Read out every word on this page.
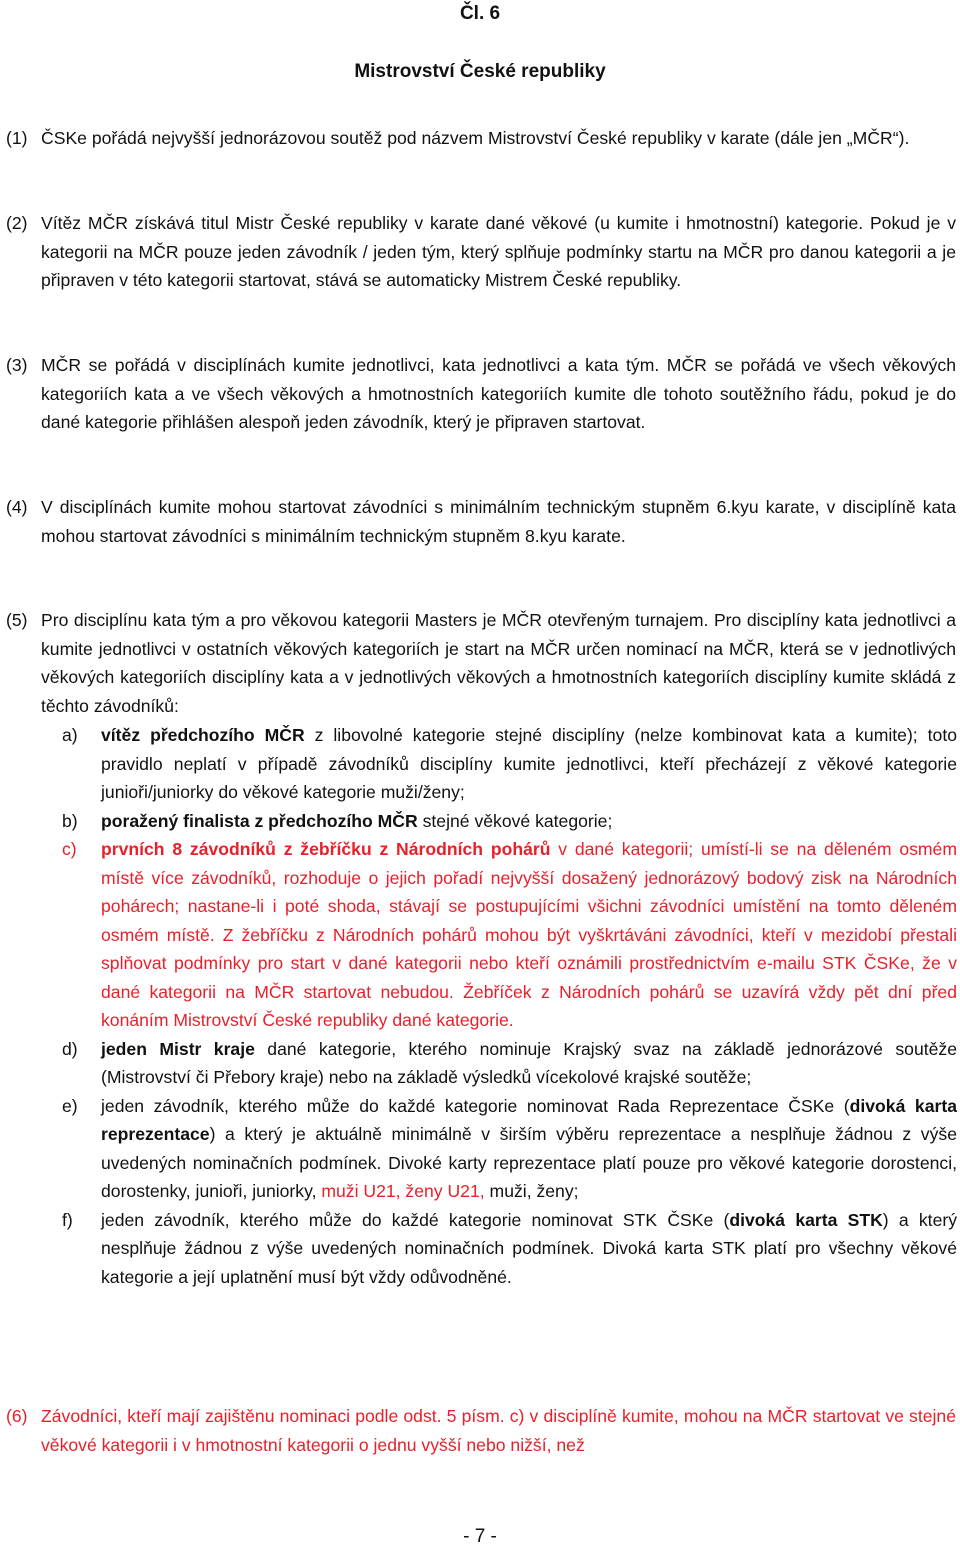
Čl. 6
Mistrovství České republiky
(1) ČSKe pořádá nejvyšší jednorázovou soutěž pod názvem Mistrovství České republiky v karate (dále jen „MČR“).
(2) Vítěz MČR získává titul Mistr České republiky v karate dané věkové (u kumite i hmotnostní) kategorie. Pokud je v kategorii na MČR pouze jeden závodník / jeden tým, který splňuje podmínky startu na MČR pro danou kategorii a je připraven v této kategorii startovat, stává se automaticky Mistrem České republiky.
(3) MČR se pořádá v disciplínách kumite jednotlivci, kata jednotlivci a kata tým. MČR se pořádá ve všech věkových kategoriích kata a ve všech věkových a hmotnostních kategoriích kumite dle tohoto soutěžního řádu, pokud je do dané kategorie přihlášen alespoň jeden závodník, který je připraven startovat.
(4) V disciplínách kumite mohou startovat závodníci s minimálním technickým stupněm 6.kyu karate, v disciplíně kata mohou startovat závodníci s minimálním technickým stupněm 8.kyu karate.
(5) Pro disciplínu kata tým a pro věkovou kategorii Masters je MČR otevřeným turnajem. Pro disciplíny kata jednotlivci a kumite jednotlivci v ostatních věkových kategoriích je start na MČR určen nominací na MČR, která se v jednotlivých věkových kategoriích disciplíny kata a v jednotlivých věkových a hmotnostních kategoriích disciplíny kumite skládá z těchto závodníků:
a) vítěz předchozího MČR z libovolné kategorie stejné disciplíny (nelze kombinovat kata a kumite); toto pravidlo neplatí v případě závodníků disciplíny kumite jednotlivci, kteří přecházejí z věkové kategorie junioři/juniorky do věkové kategorie muži/ženy;
b) poražený finalista z předchozího MČR stejné věkové kategorie;
c) prvních 8 závodníků z žebříčku z Národních pohárů v dané kategorii; umístí-li se na děleném osmém místě více závodníků, rozhoduje o jejich pořadí nejvyšší dosažený jednorázový bodový zisk na Národních pohárech; nastane-li i poté shoda, stávají se postupujícími všichni závodníci umístění na tomto děleném osmém místě. Z žebříčku z Národních pohárů mohou být vyškrtáváni závodníci, kteří v mezidobí přestali splňovat podmínky pro start v dané kategorii nebo kteří oznámili prostřednictvím e-mailu STK ČSKe, že v dané kategorii na MČR startovat nebudou. Žebříček z Národních pohárů se uzavírá vždy pět dní před konáním Mistrovství České republiky dané kategorie.
d) jeden Mistr kraje dané kategorie, kterého nominuje Krajský svaz na základě jednorázové soutěže (Mistrovství či Přebory kraje) nebo na základě výsledků vícekolové krajské soutěže;
e) jeden závodník, kterého může do každé kategorie nominovat Rada Reprezentace ČSKe (divoká karta reprezentace) a který je aktuálně minimálně v širším výběru reprezentace a nesplňuje žádnou z výše uvedených nominačních podmínek. Divoké karty reprezentace platí pouze pro věkové kategorie dorostenci, dorostenky, junioři, juniorky, muži U21, ženy U21, muži, ženy;
f) jeden závodník, kterého může do každé kategorie nominovat STK ČSKe (divoká karta STK) a který nesplňuje žádnou z výše uvedených nominačních podmínek. Divoká karta STK platí pro všechny věkové kategorie a její uplatnění musí být vždy odůvodněné.
(6) Závodníci, kteří mají zajištěnu nominaci podle odst. 5 písm. c) v disciplíně kumite, mohou na MČR startovat ve stejné věkové kategorii i v hmotnostní kategorii o jednu vyšší nebo nižší, než
- 7 -
